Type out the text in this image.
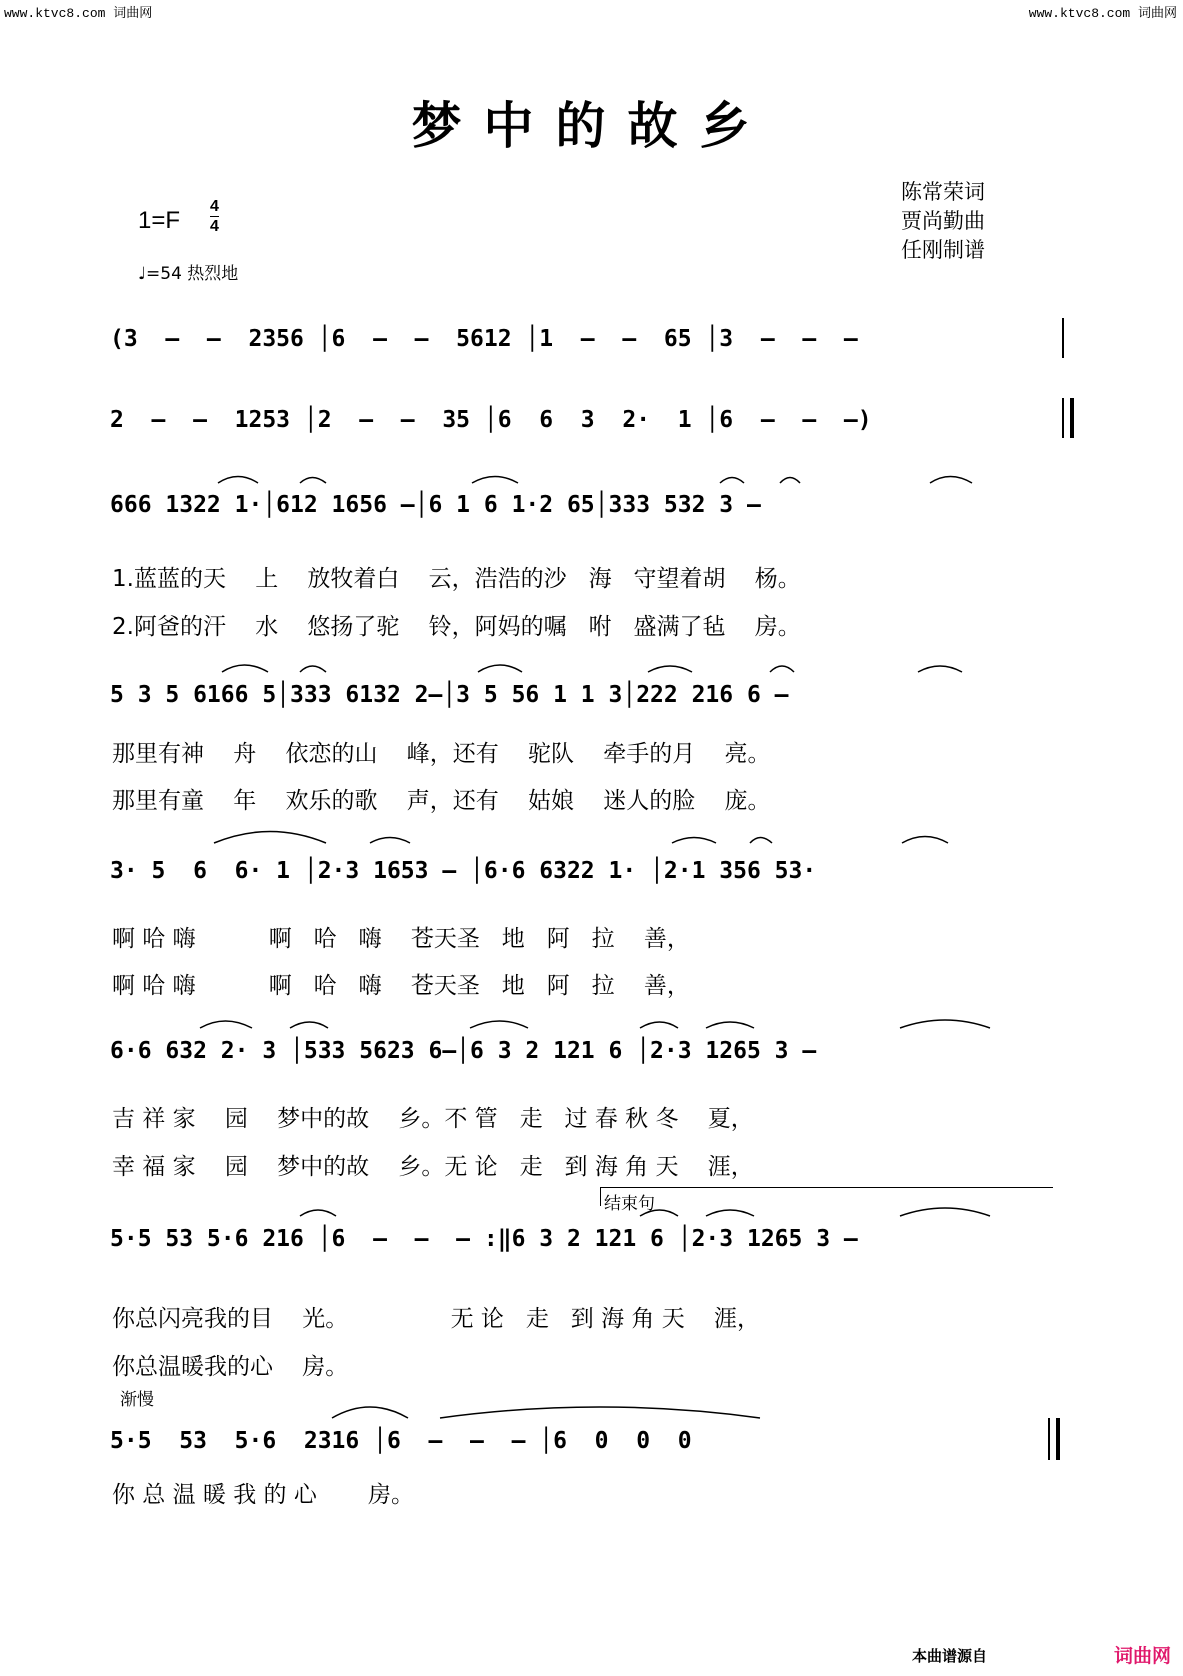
www.ktvc8.com 词曲网	www.ktvc8.com 词曲网
梦中的故乡
陈常荣词
贾尚勤曲
任刚制谱
1=F
4
4
♩=54 热烈地
(3  –  –  2356 │6  –  –  5612 │1  –  –  65 │3  –  –  –
2  –  –  1253 │2  –  –  35 │6  6  3  2·  1 │6  –  –  –)
666 1322 1·│612 1656 –│6 1 6 1·2 65│333 532 3 –
1.蓝蓝的天    上    放牧着白    云，浩浩的沙   海   守望着胡    杨。
2.阿爸的汗    水    悠扬了驼    铃，阿妈的嘱   咐   盛满了毡    房。
5 3 5 6166 5│333 6132 2–│3 5 56 1 1 3│222 216 6 –
那里有神    舟    依恋的山    峰，还有    驼队    牵手的月    亮。
那里有童    年    欢乐的歌    声，还有    姑娘    迷人的脸    庞。
3· 5  6  6· 1 │2·3 1653 – │6·6 6322 1· │2·1 356 53·
啊 哈 嗨          啊   哈   嗨    苍天圣   地   阿   拉    善，
啊 哈 嗨          啊   哈   嗨    苍天圣   地   阿   拉    善，
6·6 632 2· 3 │533 5623 6–│6 3 2 121 6 │2·3 1265 3 –
吉 祥 家    园    梦中的故    乡。不 管   走   过 春 秋 冬    夏，
幸 福 家    园    梦中的故    乡。无 论   走   到 海 角 天    涯，
结束句
5·5 53 5·6 216 │6  –  –  – :‖6 3 2 121 6 │2·3 1265 3 –
你总闪亮我的目    光。              无 论   走   到 海 角 天    涯，
你总温暖我的心    房。
渐慢
5·5  53  5·6  2316 │6  –  –  – │6  0  0  0
你 总 温 暖 我 的 心       房。
本曲谱源自	词曲网
